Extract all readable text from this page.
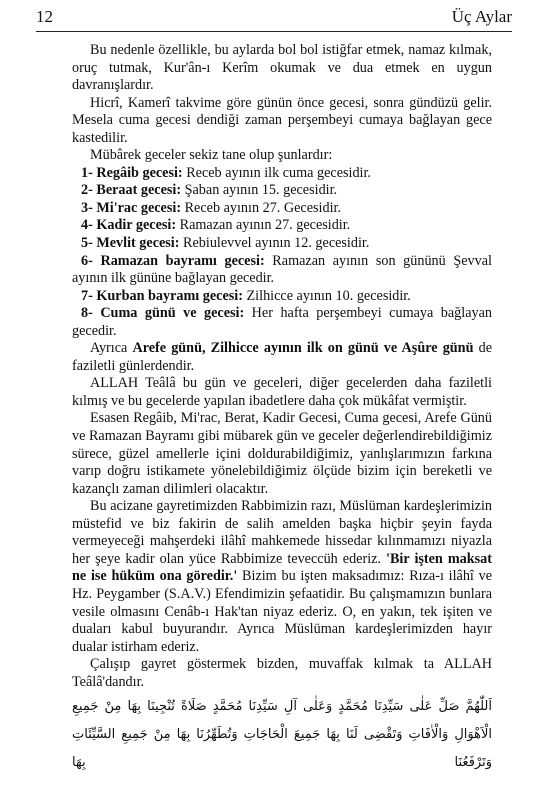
12	Üç Aylar

Bu nedenle özellikle, bu aylarda bol bol istiğfar etmek, namaz kılmak, oruç tutmak, Kur'ân-ı Kerîm okumak ve dua etmek en uygun davranışlardır.

Hicrî, Kamerî takvime göre günün önce gecesi, sonra gündüzü gelir. Mesela cuma gecesi dendiği zaman perşembeyi cumaya bağlayan gece kastedilir.

Mübârek geceler sekiz tane olup şunlardır:

1- Regâib gecesi: Receb ayının ilk cuma gecesidir.

2- Beraat gecesi: Şaban ayının 15. gecesidir.

3- Mi'rac gecesi: Receb ayının 27. Gecesidir.

4- Kadir gecesi: Ramazan ayının 27. gecesidir.

5- Mevlit gecesi: Rebiulevvel ayının 12. gecesidir.

6- Ramazan bayramı gecesi: Ramazan ayının son gününü Şevval ayının ilk gününe bağlayan gecedir.

7- Kurban bayramı gecesi: Zilhicce ayının 10. gecesidir.

8- Cuma günü ve gecesi: Her hafta perşembeyi cumaya bağlayan gecedir.

Ayrıca Arefe günü, Zilhicce ayının ilk on günü ve Aşûre günü de faziletli günlerdendir.

ALLAH Teâlâ bu gün ve geceleri, diğer gecelerden daha faziletli kılmış ve bu gecelerde yapılan ibadetlere daha çok mükâfat vermiştir.

Esasen Regâib, Mi'rac, Berat, Kadir Gecesi, Cuma gecesi, Arefe Günü ve Ramazan Bayramı gibi mübarek gün ve geceler değerlendirebildiğimiz sürece, güzel amellerle içini doldurabildiğimiz, yanlışlarımızın farkına varıp doğru istikamete yönelebildiğimiz ölçüde bizim için bereketli ve kazançlı zaman dilimleri olacaktır.

Bu acizane gayretimizden Rabbimizin razı, Müslüman kardeşlerimizin müstefid ve biz fakirin de salih amelden başka hiçbir şeyin fayda vermeyeceği mahşerdeki ilâhî mahkemede hissedar kılınmamızı niyazla her şeye kadir olan yüce Rabbimize tevеccüh ederiz. 'Bir işten maksat ne ise hüküm ona göredir.' Bizim bu işten maksadımız: Rıza-ı ilâhî ve Hz. Peygamber (S.A.V.) Efendimizin şefaatidir. Bu çalışmamızın bunlara vesile olmasını Cenâb-ı Hak'tan niyaz ederiz. O, en yakın, tek işiten ve duaları kabul buyurandır. Ayrıca Müslüman kardeşlerimizden hayır dualar istirham ederiz.

Çalışıp gayret göstermek bizden, muvaffak kılmak ta ALLAH Teâlâ'dandır.

اَللّٰهُمَّ صَلِّ عَلٰى سَيِّدِنَا مُحَمَّدٍ وَعَلٰى آلِ سَيِّدِنَا مُحَمَّدٍ صَلَاةً تُنْجِينَا بِهَا مِنْ جَمِيعِ الْاَهْوَالِ وَالْاٰفَاتِ وَتَقْضِى لَنَا بِهَا جَمِيعَ الْحَاجَاتِ وَتُطَهِّرُنَا بِهَا مِنْ جَمِيعِ السَّيِّئَاتِ وَتَرْفَعُنَا بِهَا
